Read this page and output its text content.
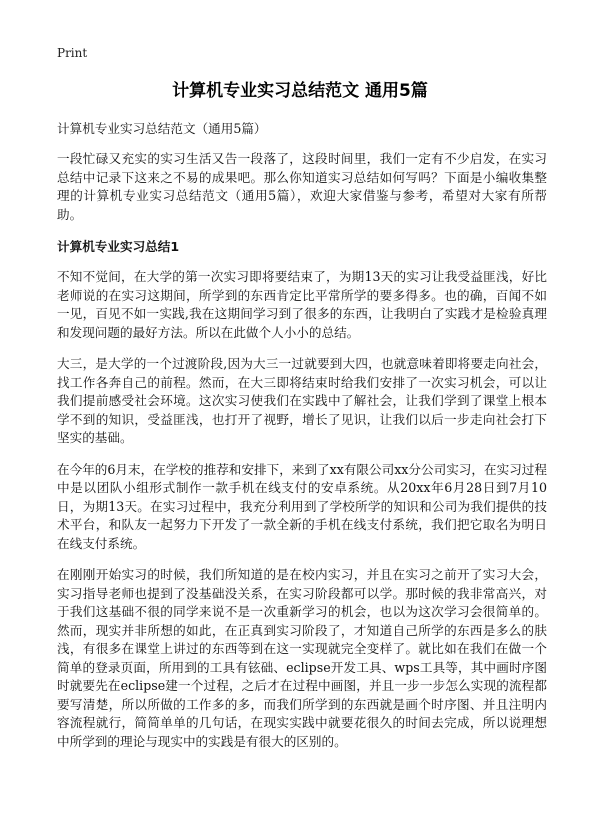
Print
计算机专业实习总结范文 通用5篇
计算机专业实习总结范文（通用5篇）

一段忙碌又充实的实习生活又告一段落了，这段时间里，我们一定有不少启发，在实习总结中记录下这来之不易的成果吧。那么你知道实习总结如何写吗？下面是小编收集整理的计算机专业实习总结范文（通用5篇），欢迎大家借鉴与参考，希望对大家有所帮助。

计算机专业实习总结1

不知不觉间，在大学的第一次实习即将要结束了，为期13天的实习让我受益匪浅，好比老师说的在实习这期间，所学到的东西肯定比平常所学的要多得多。也的确，百闻不如一见，百见不如一实践,我在这期间学习到了很多的东西，让我明白了实践才是检验真理和发现问题的最好方法。所以在此做个人小小的总结。

大三，是大学的一个过渡阶段,因为大三一过就要到大四，也就意味着即将要走向社会，找工作各奔自己的前程。然而，在大三即将结束时给我们安排了一次实习机会，可以让我们提前感受社会环境。这次实习使我们在实践中了解社会，让我们学到了课堂上根本学不到的知识，受益匪浅，也打开了视野，增长了见识，让我们以后一步走向社会打下坚实的基础。

在今年的6月末，在学校的推荐和安排下，来到了xx有限公司xx分公司实习，在实习过程中是以团队小组形式制作一款手机在线支付的安卓系统。从20xx年6月28日到7月10日，为期13天。在实习过程中，我充分利用到了学校所学的知识和公司为我们提供的技术平台，和队友一起努力下开发了一款全新的手机在线支付系统，我们把它取名为明日在线支付系统。

在刚刚开始实习的时候，我们所知道的是在校内实习，并且在实习之前开了实习大会，实习指导老师也提到了没基础没关系，在实习阶段都可以学。那时候的我非常高兴，对于我们这基础不很的同学来说不是一次重新学习的机会，也以为这次学习会很简单的。然而，现实并非所想的如此，在正真到实习阶段了，才知道自己所学的东西是多么的肤浅，有很多在课堂上讲过的东西等到在这一实现就完全变样了。就比如在我们在做一个简单的登录页面，所用到的工具有铉础、eclipse开发工具、wps工具等，其中画时序图时就要先在eclipse建一个过程，之后才在过程中画图，并且一步一步怎么实现的流程都要写清楚，所以所做的工作多的多，而我们所学到的东西就是画个时序图、并且注明内容流程就行，简简单单的几句话，在现实实践中就要花很久的时间去完成，所以说理想中所学到的理论与现实中的实践是有很大的区别的。
